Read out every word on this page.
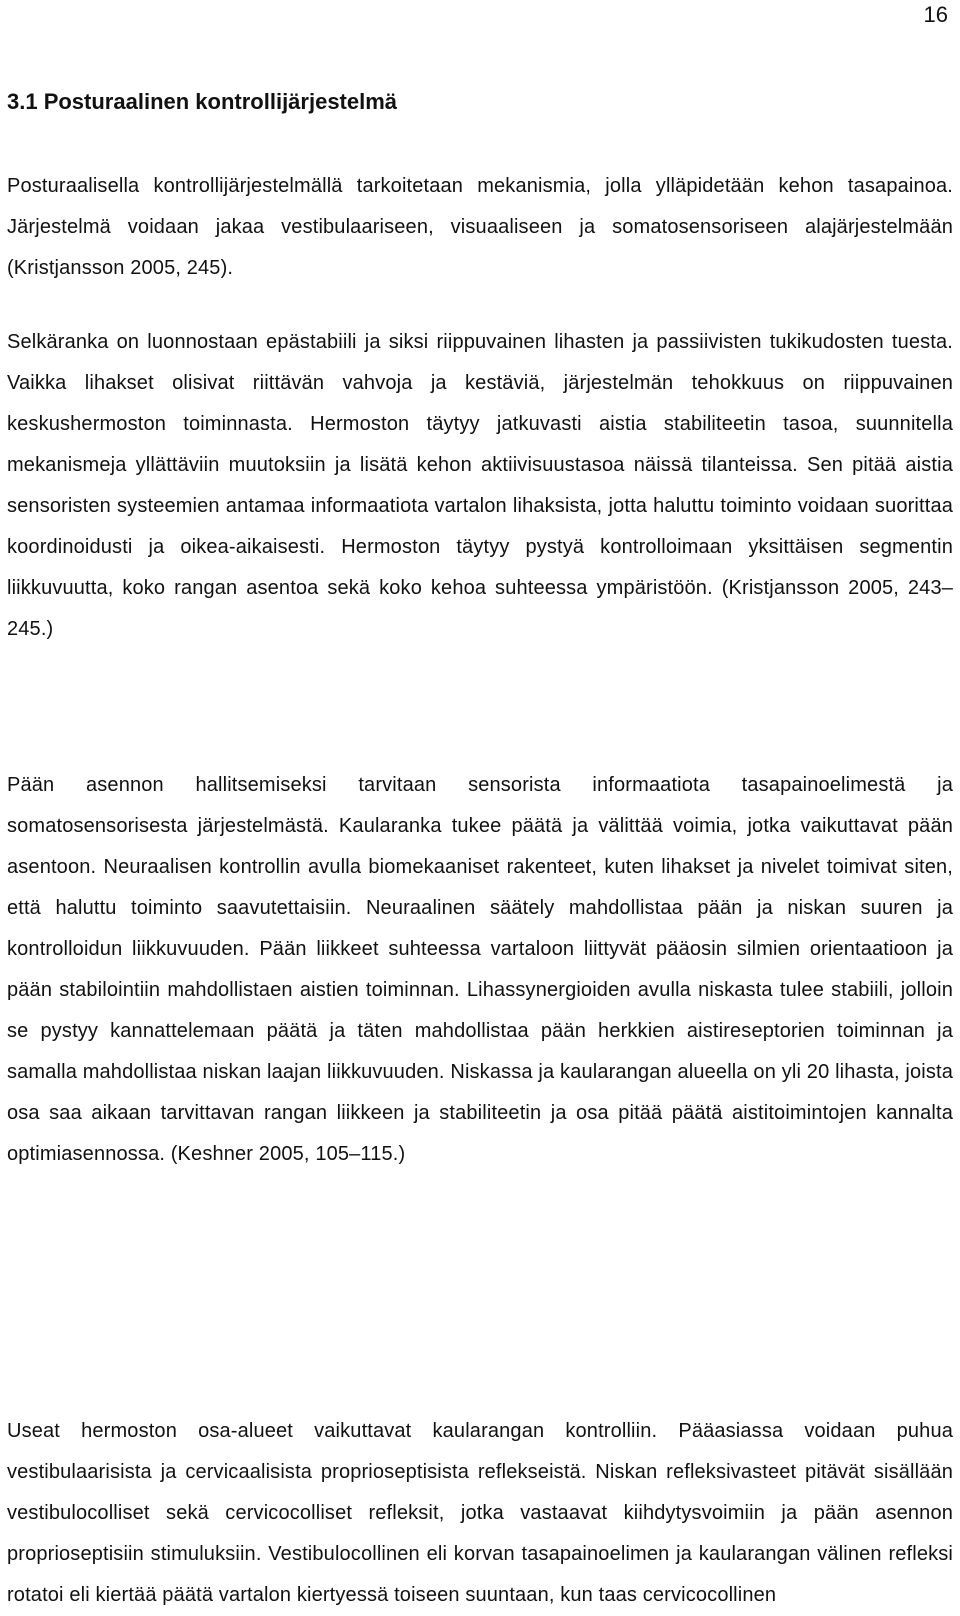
16
3.1 Posturaalinen kontrollijärjestelmä

Posturaalisella kontrollijärjestelmällä tarkoitetaan mekanismia, jolla ylläpidetään kehon tasapainoa. Järjestelmä voidaan jakaa vestibulaariseen, visuaaliseen ja somatosensoriseen alajärjestelmään (Kristjansson 2005, 245).

Selkäranka on luonnostaan epästabiili ja siksi riippuvainen lihasten ja passiivisten tukikudosten tuesta. Vaikka lihakset olisivat riittävän vahvoja ja kestäviä, järjestelmän tehokkuus on riippuvainen keskushermoston toiminnasta. Hermoston täytyy jatkuvasti aistia stabiliteetin tasoa, suunnitella mekanismeja yllättäviin muutoksiin ja lisätä kehon aktiivisuustasoa näissä tilanteissa. Sen pitää aistia sensoristen systeemien antamaa informaatiota vartalon lihaksista, jotta haluttu toiminto voidaan suorittaa koordinoidusti ja oikea-aikaisesti. Hermoston täytyy pystyä kontrolloimaan yksittäisen segmentin liikkuvuutta, koko rangan asentoa sekä koko kehoa suhteessa ympäristöön. (Kristjansson 2005, 243–245.)

Pään asennon hallitsemiseksi tarvitaan sensorista informaatiota tasapainoelimestä ja somatosensorisesta järjestelmästä. Kaularanka tukee päätä ja välittää voimia, jotka vaikuttavat pään asentoon. Neuraalisen kontrollin avulla biomekaaniset rakenteet, kuten lihakset ja nivelet toimivat siten, että haluttu toiminto saavutettaisiin. Neuraalinen säätely mahdollistaa pään ja niskan suuren ja kontrolloidun liikkuvuuden. Pään liikkeet suhteessa vartaloon liittyvät pääosin silmien orientaatioon ja pään stabilointiin mahdollistaen aistien toiminnan. Lihassynergioiden avulla niskasta tulee stabiili, jolloin se pystyy kannattelemaan päätä ja täten mahdollistaa pään herkkien aistireseptorien toiminnan ja samalla mahdollistaa niskan laajan liikkuvuuden. Niskassa ja kaularangan alueella on yli 20 lihasta, joista osa saa aikaan tarvittavan rangan liikkeen ja stabiliteetin ja osa pitää päätä aistitoimintojen kannalta optimiasennossa. (Keshner 2005, 105–115.)

Useat hermoston osa-alueet vaikuttavat kaularangan kontrolliin. Pääasiassa voidaan puhua vestibulaarisista ja cervicaalisista proprioseptisista reflekseistä. Niskan refleksivasteet pitävät sisällään vestibulocolliset sekä cervicocolliset refleksit, jotka vastaavat kiihdytysvoimiin ja pään asennon proprioseptisiin stimuluksiin. Vestibulocollinen eli korvan tasapainoelimen ja kaularangan välinen refleksi rotatoi eli kiertää päätä vartalon kiertyessä toiseen suuntaan, kun taas cervicocollinen
